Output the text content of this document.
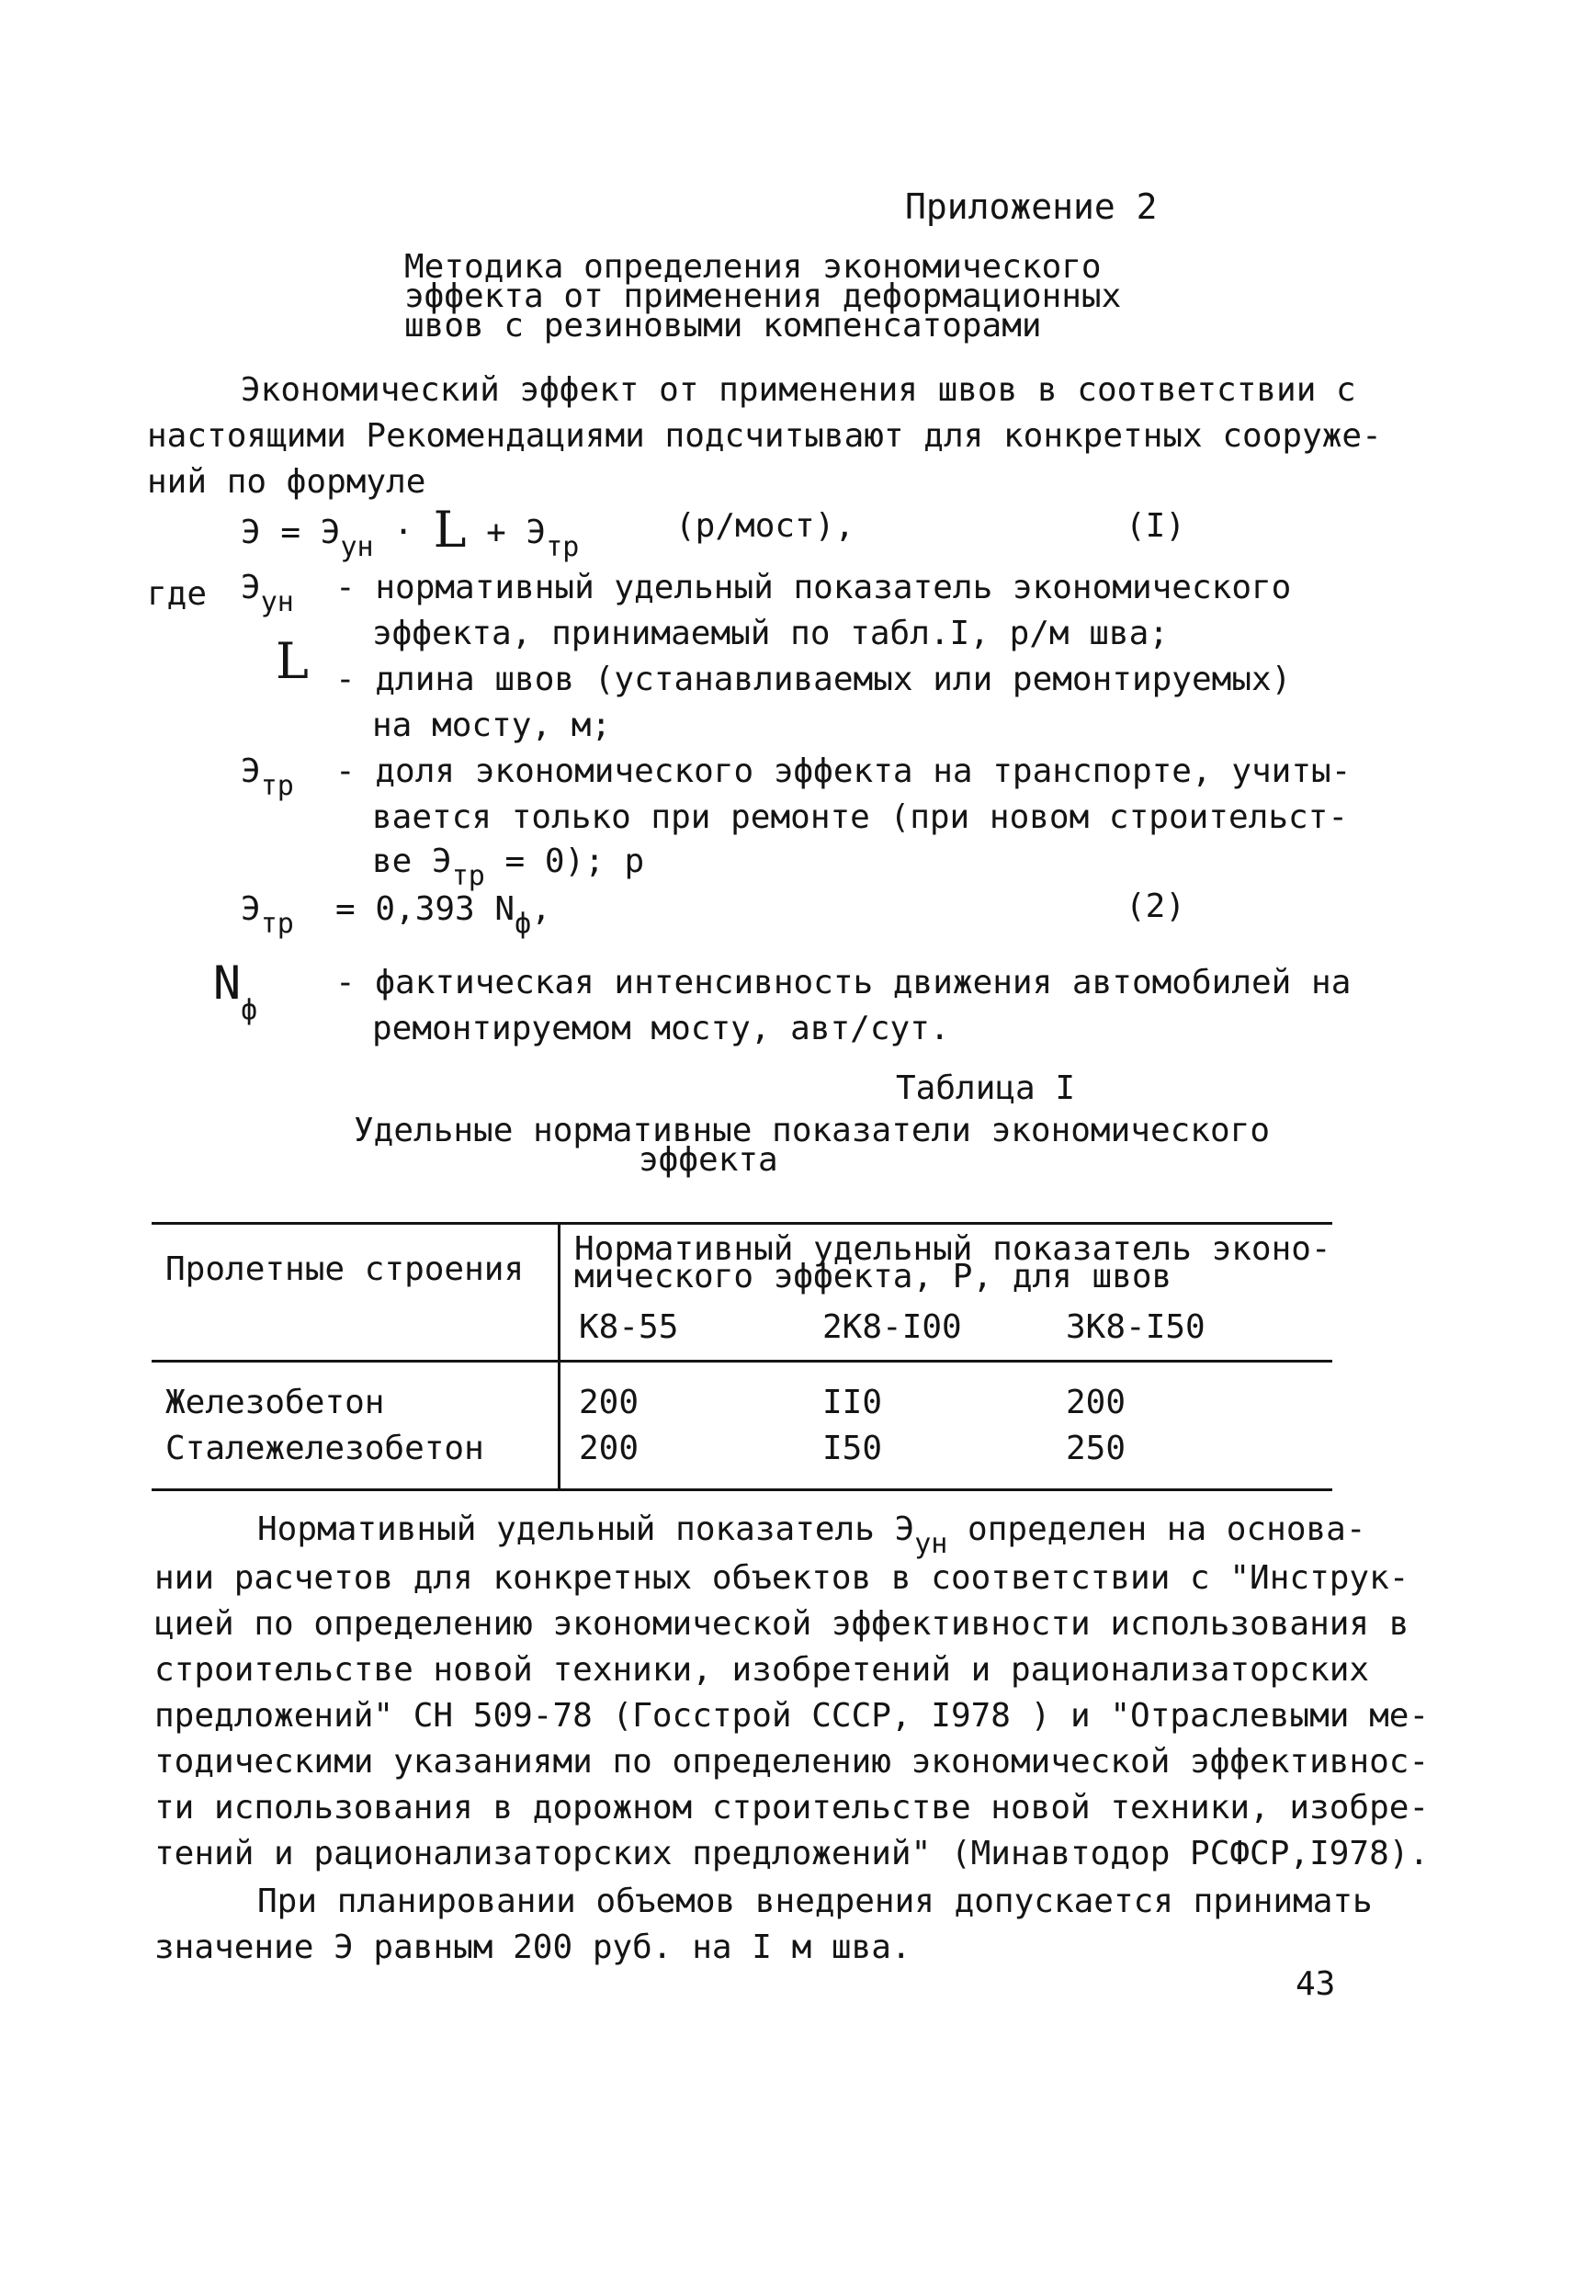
Приложение 2
Методика определения экономического
эффекта от применения деформационных
швов с резиновыми компенсаторами
Экономический эффект от применения швов в соответствии с
настоящими Рекомендациями подсчитывают для конкретных сооруже-
ний по формуле
$Э = Э_{ун} \cdot L + Э_{тр}$
(р/мост),	(I)
где $Э_{ун}$ - нормативный удельный показатель экономического
эффекта, принимаемый по табл.I, р/м шва;
L - длина швов (устанавливаемых или ремонтируемых)
на мосту, м;
$Э_{тр}$ - доля экономического эффекта на транспорте, учиты-
вается только при ремонте (при новом строительст-
ве $Э_{тр} = 0$); р
$Э_{тр} = 0,393$ $N_ф$,	(2)
$N_ф$
- фактическая интенсивность движения автомобилей на
ремонтируемом мосту, авт/сут.
Таблица I
Удельные нормативные показатели экономического
эффекта
Пролетные строения
Нормативный удельный показатель эконо-
мического эффекта, Р, для швов
К8-55	2К8-I00	3К8-I50
Железобетон	200	II0	200
Сталежелезобетон	200	I50	250
Нормативный удельный показатель $Э_{ун}$ определен на основа-
нии расчетов для конкретных объектов в соответствии с "Инструк-
цией по определению экономической эффективности использования в
строительстве новой техники, изобретений и рационализаторских
предложений" СН 509-78 (Госстрой СССР, I978 ) и "Отраслевыми ме-
тодическими указаниями по определению экономической эффективнос-
ти использования в дорожном строительстве новой техники, изобре-
тений и рационализаторских предложений" (Минавтодор РСФСР,I978).
При планировании объемов внедрения допускается принимать
значение Э равным 200 руб. на I м шва.
43
